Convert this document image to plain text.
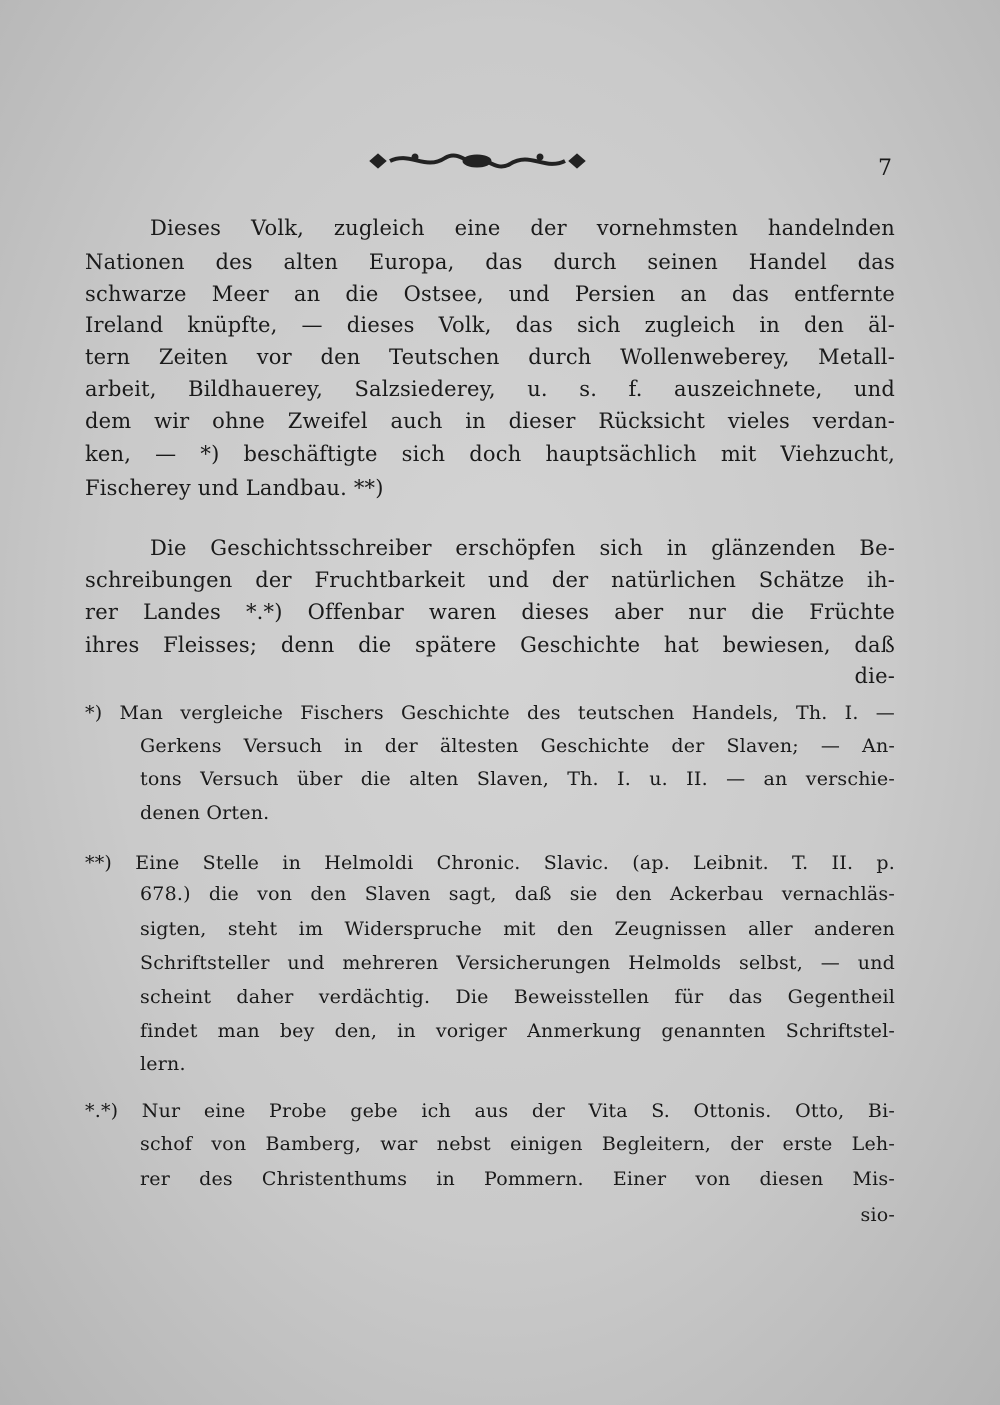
7
Dieses Volk, zugleich eine der vornehmsten handelnden
Nationen des alten Europa, das durch seinen Handel das
schwarze Meer an die Ostsee, und Persien an das entfernte
Ireland knüpfte, — dieses Volk, das sich zugleich in den äl-
tern Zeiten vor den Teutschen durch Wollenweberey, Metall-
arbeit, Bildhauerey, Salzsiederey, u. s. f. auszeichnete, und
dem wir ohne Zweifel auch in dieser Rücksicht vieles verdan-
ken, — *) beschäftigte sich doch hauptsächlich mit Viehzucht,
Fischerey und Landbau. **)
Die Geschichtsschreiber erschöpfen sich in glänzenden Be-
schreibungen der Fruchtbarkeit und der natürlichen Schätze ih-
rer Landes *.*) Offenbar waren dieses aber nur die Früchte
ihres Fleisses; denn die spätere Geschichte hat bewiesen, daß
die-
*) Man vergleiche Fischers Geschichte des teutschen Handels, Th. I. —
Gerkens Versuch in der ältesten Geschichte der Slaven; — An-
tons Versuch über die alten Slaven, Th. I. u. II. — an verschie-
denen Orten.
**) Eine Stelle in Helmoldi Chronic. Slavic. (ap. Leibnit. T. II. p.
678.) die von den Slaven sagt, daß sie den Ackerbau vernachläs-
sigten, steht im Widerspruche mit den Zeugnissen aller anderen
Schriftsteller und mehreren Versicherungen Helmolds selbst, — und
scheint daher verdächtig. Die Beweisstellen für das Gegentheil
findet man bey den, in voriger Anmerkung genannten Schriftstel-
lern.
*.*) Nur eine Probe gebe ich aus der Vita S. Ottonis. Otto, Bi-
schof von Bamberg, war nebst einigen Begleitern, der erste Leh-
rer des Christenthums in Pommern. Einer von diesen Mis-
sio-
